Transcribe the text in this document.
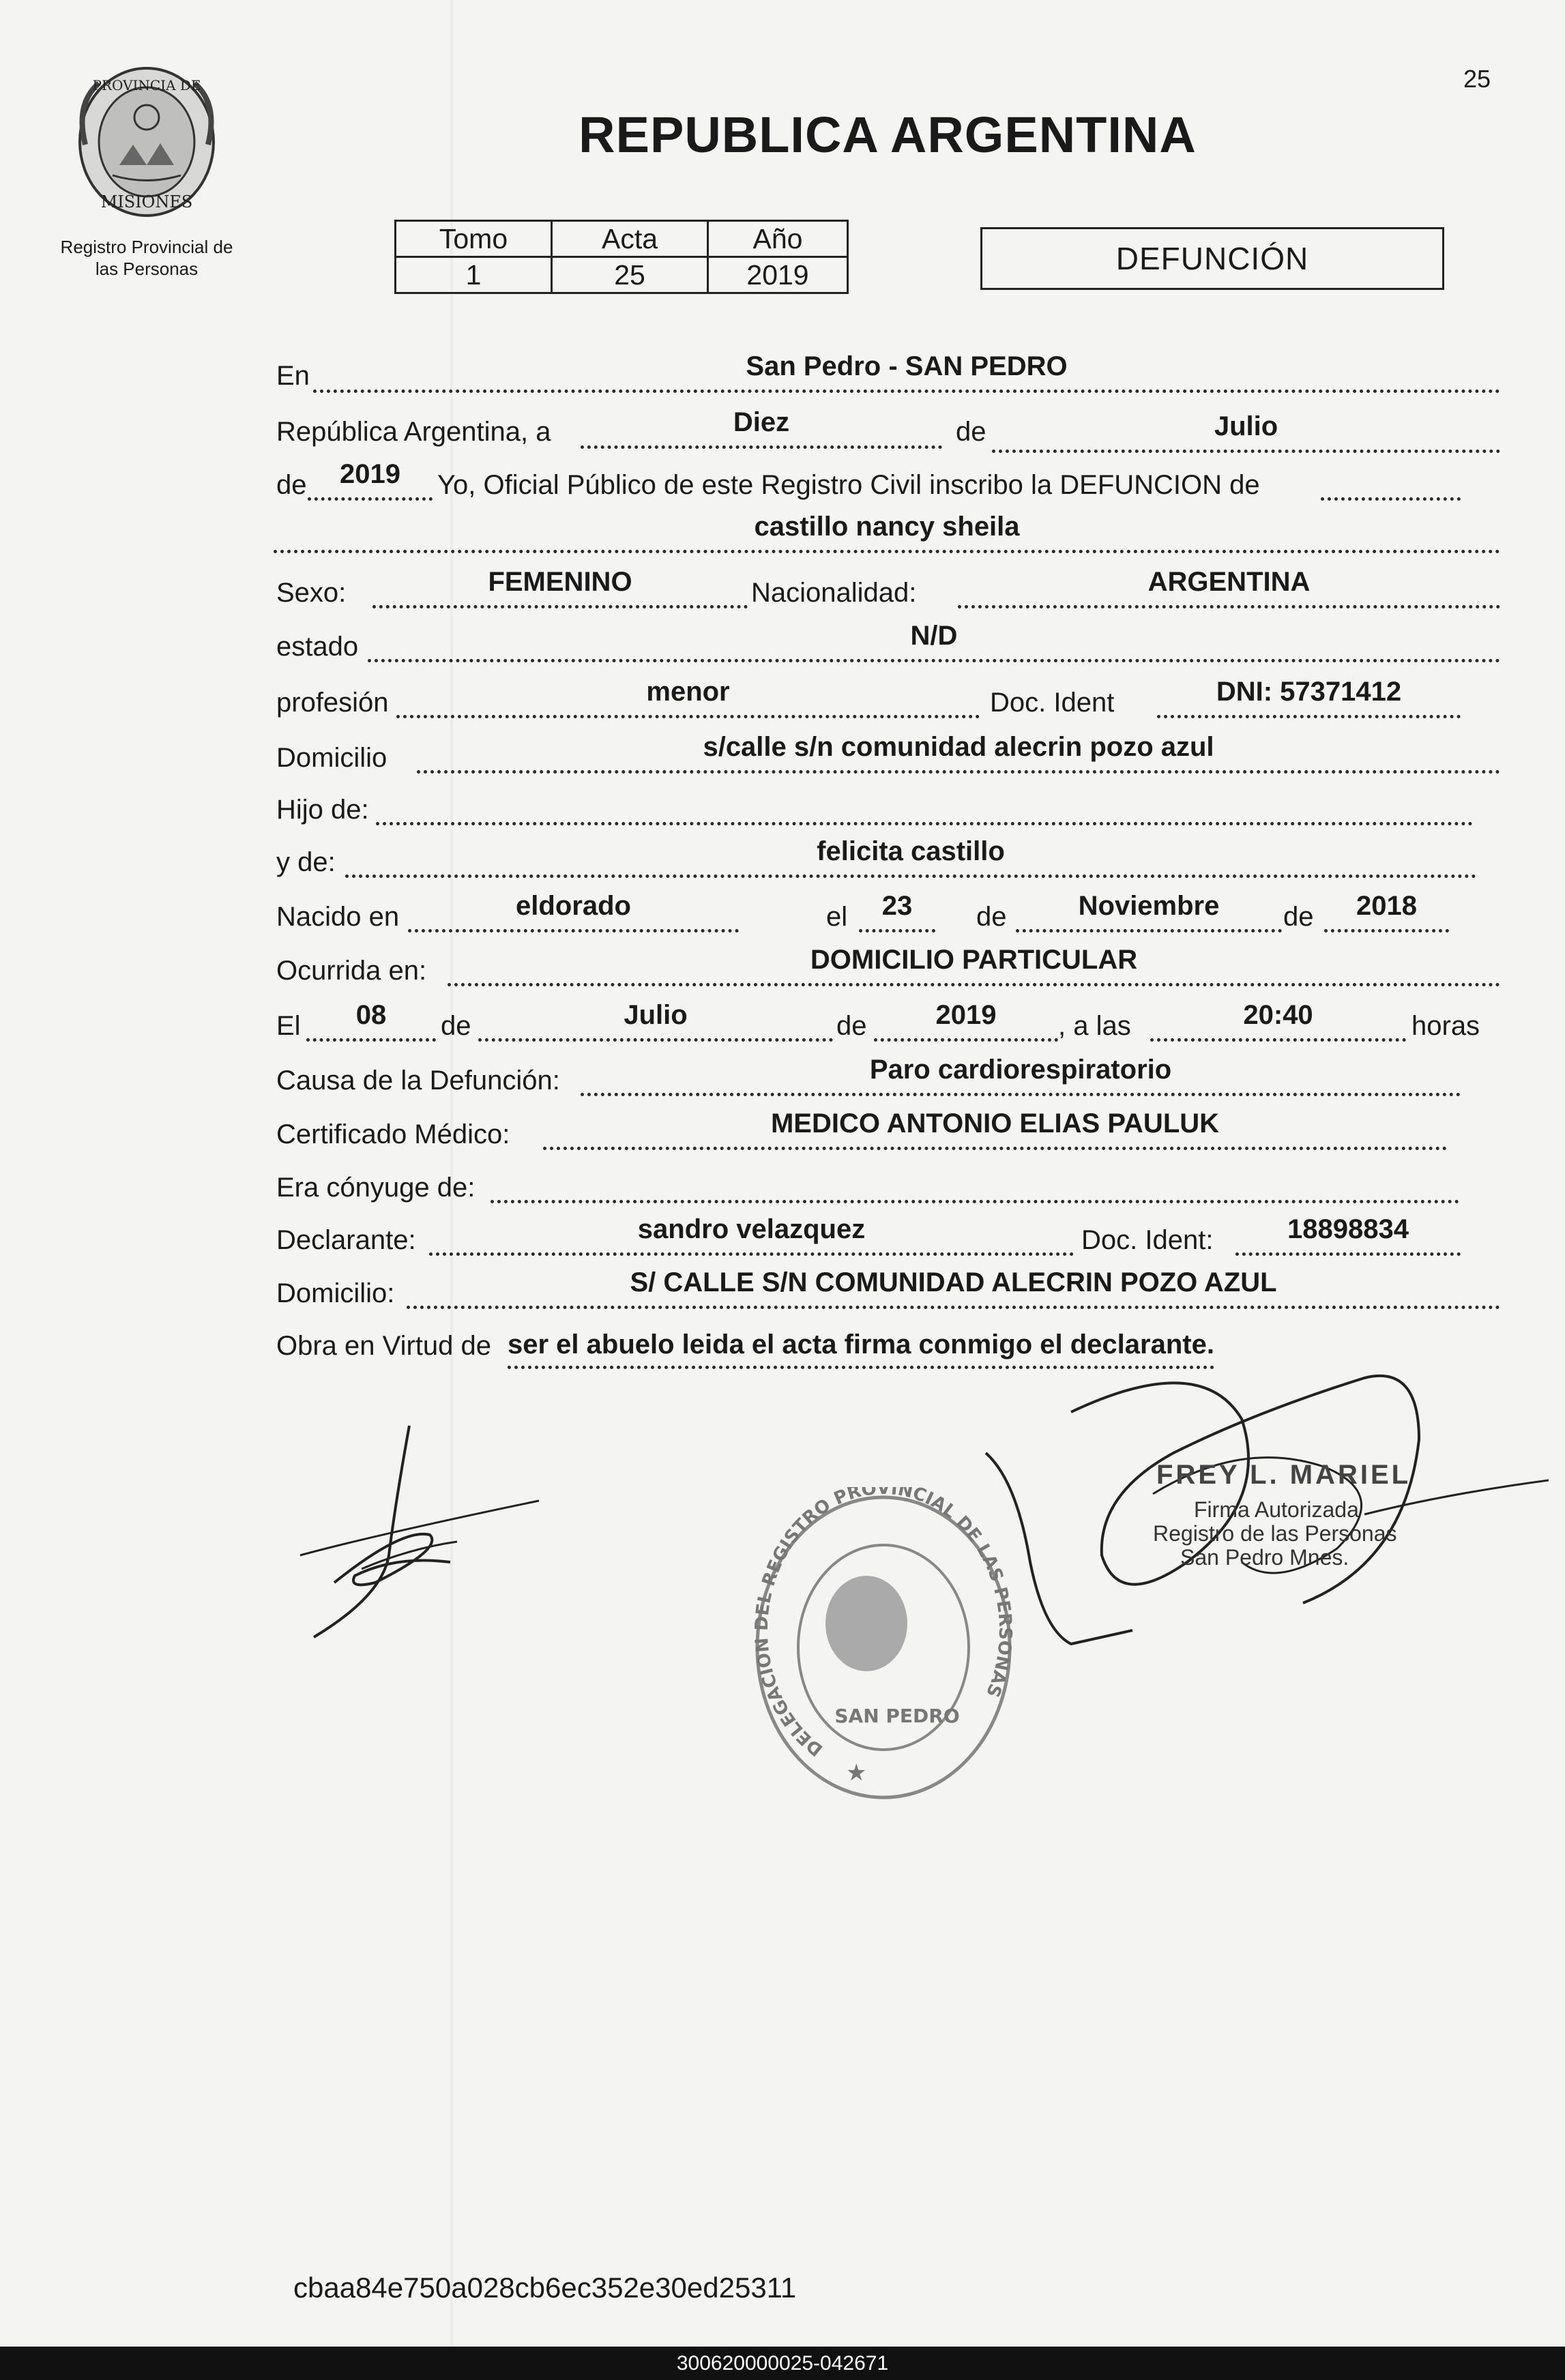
PROVINCIA DE
MISIONES
Registro Provincial de
las Personas
25
REPUBLICA ARGENTINA
Tomo	Acta	Año
1	25	2019	DEFUNCIÓN
En	San Pedro - SAN PEDRO
República Argentina, a	Diez	de	Julio
de	2019	Yo, Oficial Público de este Registro Civil inscribo la DEFUNCION de
castillo nancy sheila
Sexo:	FEMENINO	Nacionalidad:	ARGENTINA
estado	N/D
profesión	menor	Doc. Ident	DNI: 57371412
Domicilio	s/calle s/n comunidad alecrin pozo azul
Hijo de:
y de:	felicita castillo
Nacido en	eldorado	el	23	de	Noviembre	de	2018
Ocurrida en:	DOMICILIO PARTICULAR
El	08	de	Julio	de	2019	, a las	20:40	horas
Causa de la Defunción:	Paro cardiorespiratorio
Certificado Médico:	MEDICO ANTONIO ELIAS PAULUK
Era cónyuge de:
Declarante:	sandro velazquez	Doc. Ident:	18898834
Domicilio:	S/ CALLE S/N COMUNIDAD ALECRIN POZO AZUL
Obra en Virtud de ser el abuelo leida el acta firma conmigo el declarante.
DELEGACION DEL REGISTRO PROVINCIAL DE LAS PERSONAS
SAN PEDRO
★
FREY L. MARIEL
Firma Autorizada
Registro de las Personas
San Pedro Mnes.
cbaa84e750a028cb6ec352e30ed25311
300620000025-042671
